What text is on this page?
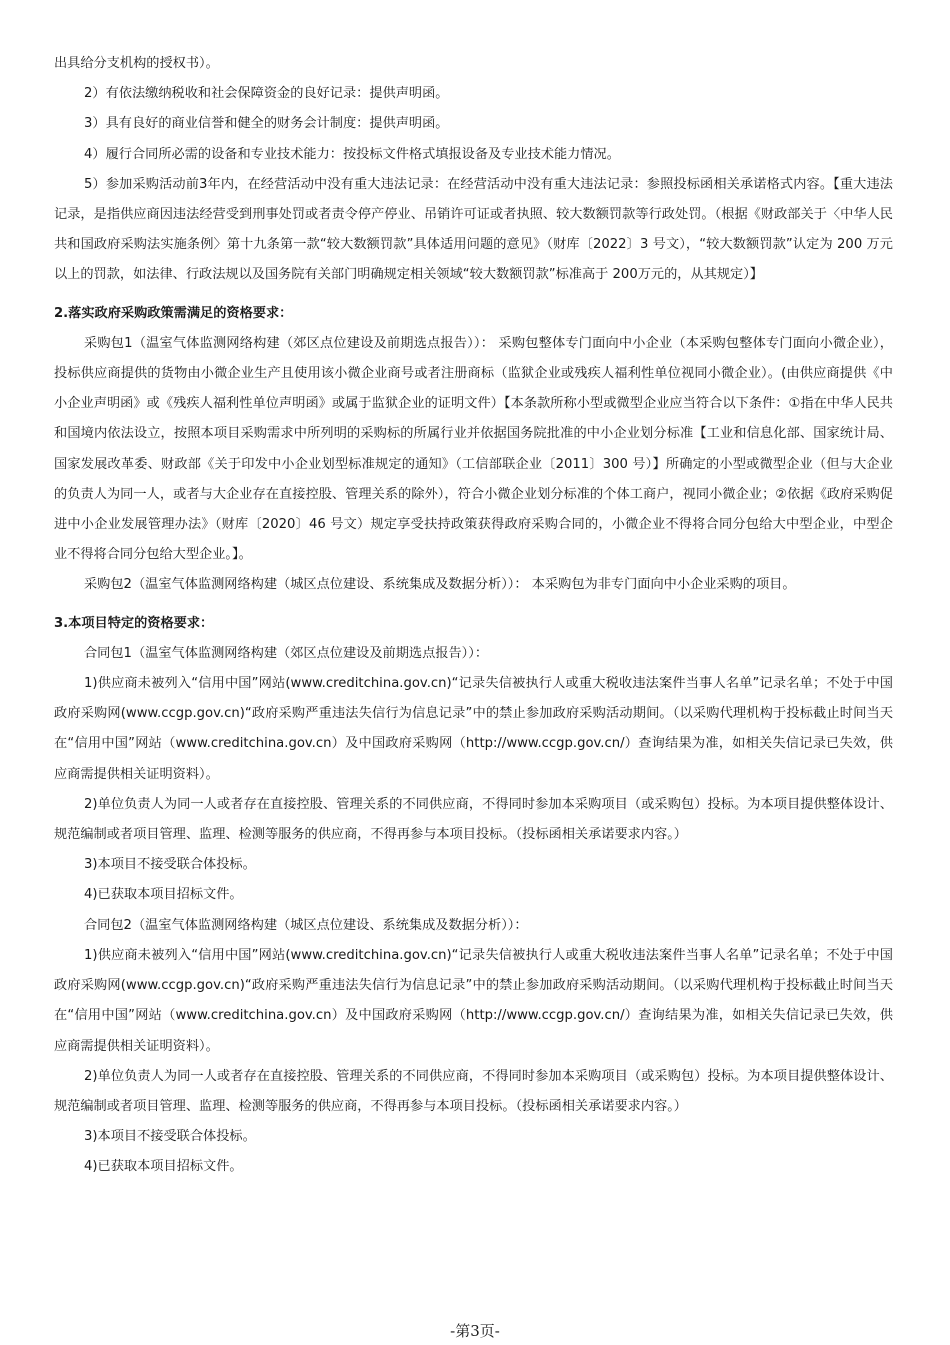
出具给分支机构的授权书）。

2）有依法缴纳税收和社会保障资金的良好记录：提供声明函。

3）具有良好的商业信誉和健全的财务会计制度：提供声明函。

4）履行合同所必需的设备和专业技术能力：按投标文件格式填报设备及专业技术能力情况。

5）参加采购活动前3年内，在经营活动中没有重大违法记录：在经营活动中没有重大违法记录：参照投标函相关承诺格式内容。【重大违法记录，是指供应商因违法经营受到刑事处罚或者责令停产停业、吊销许可证或者执照、较大数额罚款等行政处罚。（根据《财政部关于〈中华人民共和国政府采购法实施条例〉第十九条第一款“较大数额罚款”具体适用问题的意见》（财库〔2022〕3 号文），“较大数额罚款”认定为 200 万元以上的罚款，如法律、行政法规以及国务院有关部门明确规定相关领域“较大数额罚款”标准高于 200万元的，从其规定）】

2.落实政府采购政策需满足的资格要求：

采购包1（温室气体监测网络构建（郊区点位建设及前期选点报告））： 采购包整体专门面向中小企业（本采购包整体专门面向小微企业），投标供应商提供的货物由小微企业生产且使用该小微企业商号或者注册商标（监狱企业或残疾人福利性单位视同小微企业）。(由供应商提供《中小企业声明函》或《残疾人福利性单位声明函》或属于监狱企业的证明文件）【本条款所称小型或微型企业应当符合以下条件：①指在中华人民共和国境内依法设立，按照本项目采购需求中所列明的采购标的所属行业并依据国务院批准的中小企业划分标准【工业和信息化部、国家统计局、国家发展改革委、财政部《关于印发中小企业划型标准规定的通知》（工信部联企业〔2011〕300 号）】所确定的小型或微型企业（但与大企业的负责人为同一人，或者与大企业存在直接控股、管理关系的除外），符合小微企业划分标准的个体工商户，视同小微企业；②依据《政府采购促进中小企业发展管理办法》（财库〔2020〕46 号文）规定享受扶持政策获得政府采购合同的，小微企业不得将合同分包给大中型企业，中型企业不得将合同分包给大型企业。】。

采购包2（温室气体监测网络构建（城区点位建设、系统集成及数据分析））： 本采购包为非专门面向中小企业采购的项目。

3.本项目特定的资格要求：

合同包1（温室气体监测网络构建（郊区点位建设及前期选点报告））：

1)供应商未被列入“信用中国”网站(www.creditchina.gov.cn)“记录失信被执行人或重大税收违法案件当事人名单”记录名单；不处于中国政府采购网(www.ccgp.gov.cn)“政府采购严重违法失信行为信息记录”中的禁止参加政府采购活动期间。（以采购代理机构于投标截止时间当天在“信用中国”网站（www.creditchina.gov.cn）及中国政府采购网（http://www.ccgp.gov.cn/）查询结果为准，如相关失信记录已失效，供应商需提供相关证明资料）。

2)单位负责人为同一人或者存在直接控股、管理关系的不同供应商，不得同时参加本采购项目（或采购包）投标。为本项目提供整体设计、规范编制或者项目管理、监理、检测等服务的供应商，不得再参与本项目投标。（投标函相关承诺要求内容。）

3)本项目不接受联合体投标。

4)已获取本项目招标文件。

合同包2（温室气体监测网络构建（城区点位建设、系统集成及数据分析））：

1)供应商未被列入“信用中国”网站(www.creditchina.gov.cn)“记录失信被执行人或重大税收违法案件当事人名单”记录名单；不处于中国政府采购网(www.ccgp.gov.cn)“政府采购严重违法失信行为信息记录”中的禁止参加政府采购活动期间。（以采购代理机构于投标截止时间当天在“信用中国”网站（www.creditchina.gov.cn）及中国政府采购网（http://www.ccgp.gov.cn/）查询结果为准，如相关失信记录已失效，供应商需提供相关证明资料）。

2)单位负责人为同一人或者存在直接控股、管理关系的不同供应商，不得同时参加本采购项目（或采购包）投标。为本项目提供整体设计、规范编制或者项目管理、监理、检测等服务的供应商，不得再参与本项目投标。（投标函相关承诺要求内容。）

3)本项目不接受联合体投标。

4)已获取本项目招标文件。

-第3页-
